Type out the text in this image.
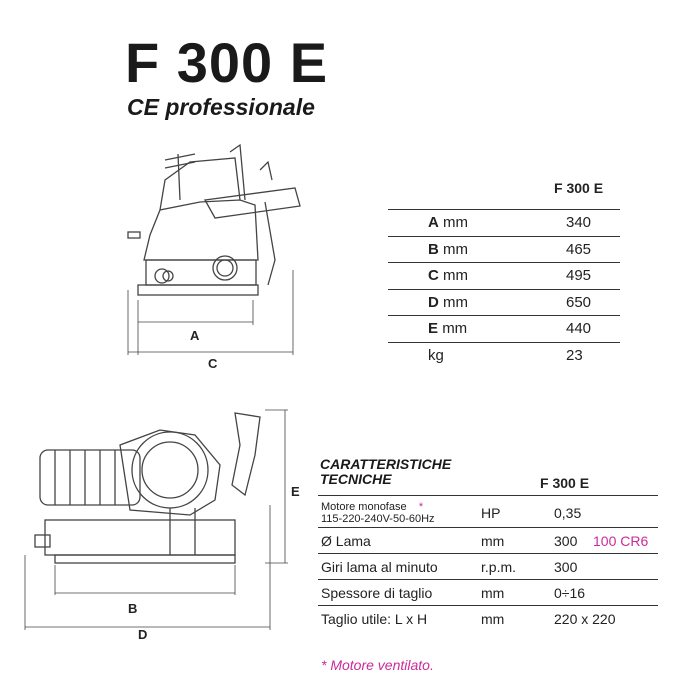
F 300 E
CE professionale
A
C
B
D
E
F 300 E
A mm	340
B mm	465
C mm	495
D mm	650
E mm	440
kg	23
CARATTERISTICHE
TECNICHE	F 300 E
Motore monofase *
115-220-240V-50-60Hz	HP	0,35
Ø Lama	mm	300 100 CR6
Giri lama al minuto	r.p.m.	300
Spessore di taglio	mm	0÷16
Taglio utile: L x H	mm	220 x 220
* Motore ventilato.
